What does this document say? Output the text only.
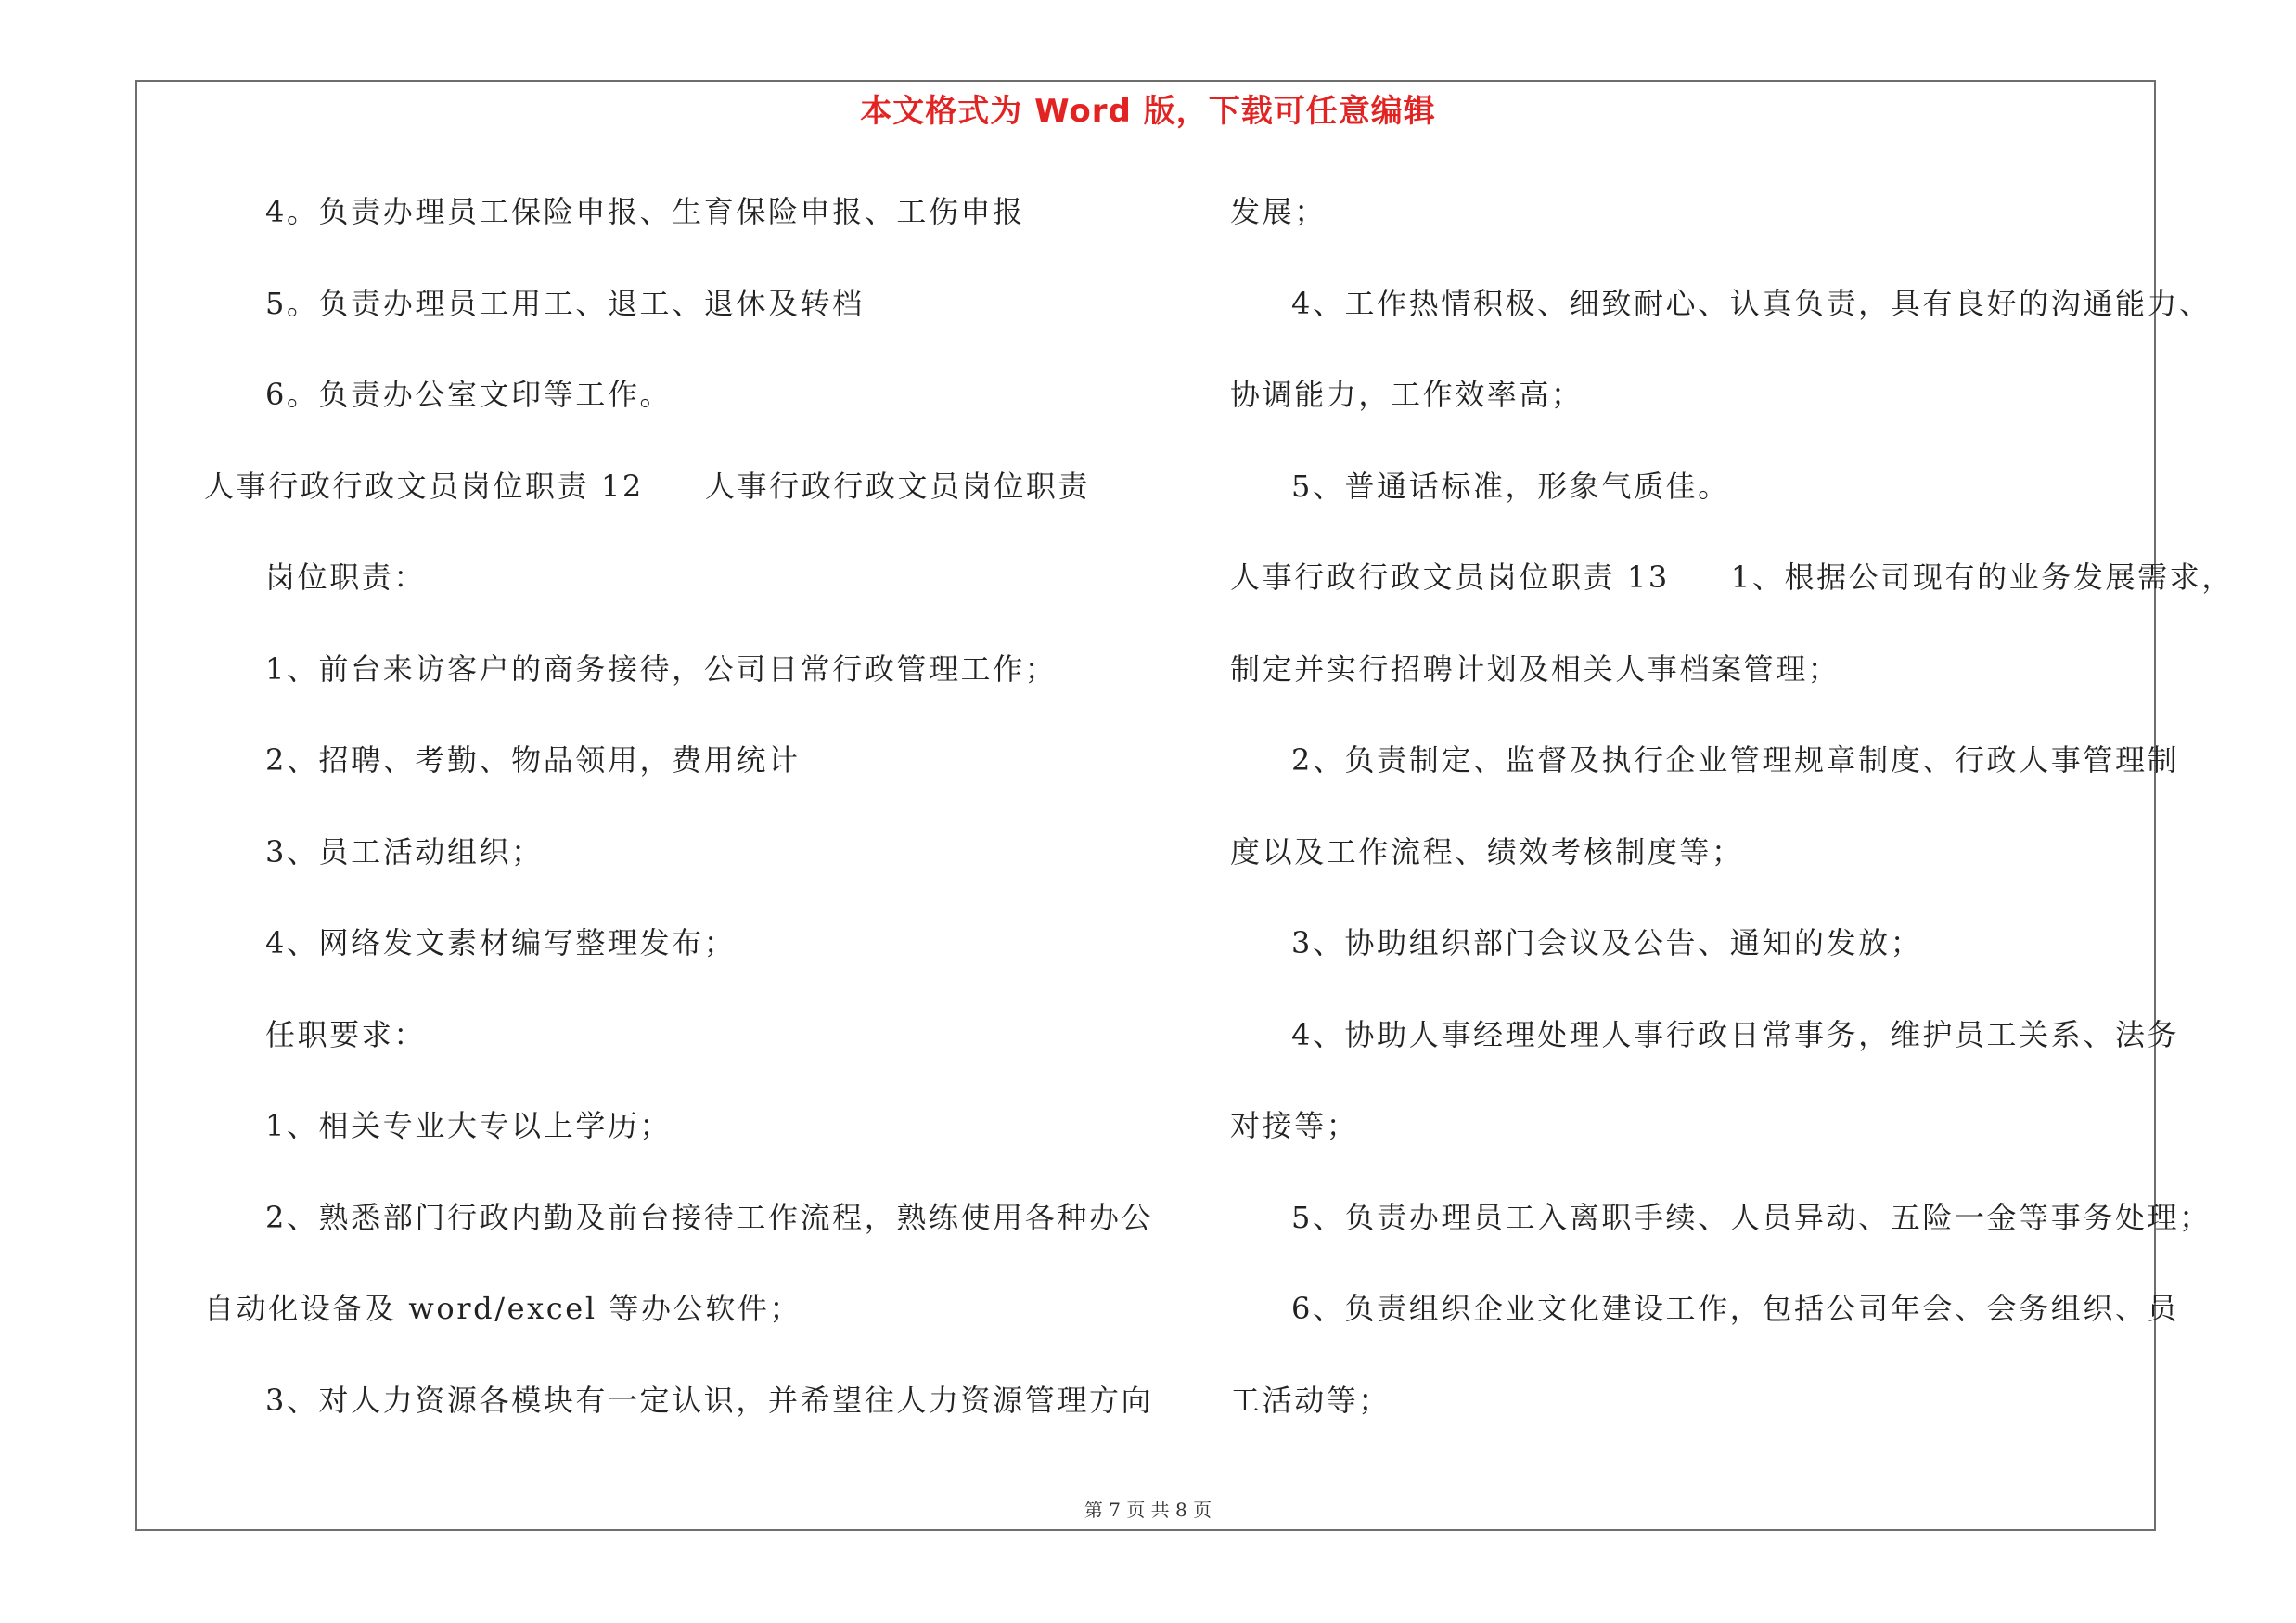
本文格式为 Word 版，下载可任意编辑
4。负责办理员工保险申报、生育保险申报、工伤申报
5。负责办理员工用工、退工、退休及转档
6。负责办公室文印等工作。
人事行政行政文员岗位职责 12 人事行政行政文员岗位职责
岗位职责：
1、前台来访客户的商务接待，公司日常行政管理工作；
2、招聘、考勤、物品领用，费用统计
3、员工活动组织；
4、网络发文素材编写整理发布；
任职要求：
1、相关专业大专以上学历；
2、熟悉部门行政内勤及前台接待工作流程，熟练使用各种办公
自动化设备及 word/excel 等办公软件；
3、对人力资源各模块有一定认识，并希望往人力资源管理方向
发展；
4、工作热情积极、细致耐心、认真负责，具有良好的沟通能力、
协调能力，工作效率高；
5、普通话标准，形象气质佳。
人事行政行政文员岗位职责 13 1、根据公司现有的业务发展需求，
制定并实行招聘计划及相关人事档案管理；
2、负责制定、监督及执行企业管理规章制度、行政人事管理制
度以及工作流程、绩效考核制度等；
3、协助组织部门会议及公告、通知的发放；
4、协助人事经理处理人事行政日常事务，维护员工关系、法务
对接等；
5、负责办理员工入离职手续、人员异动、五险一金等事务处理；
6、负责组织企业文化建设工作，包括公司年会、会务组织、员
工活动等；
第 7 页 共 8 页
